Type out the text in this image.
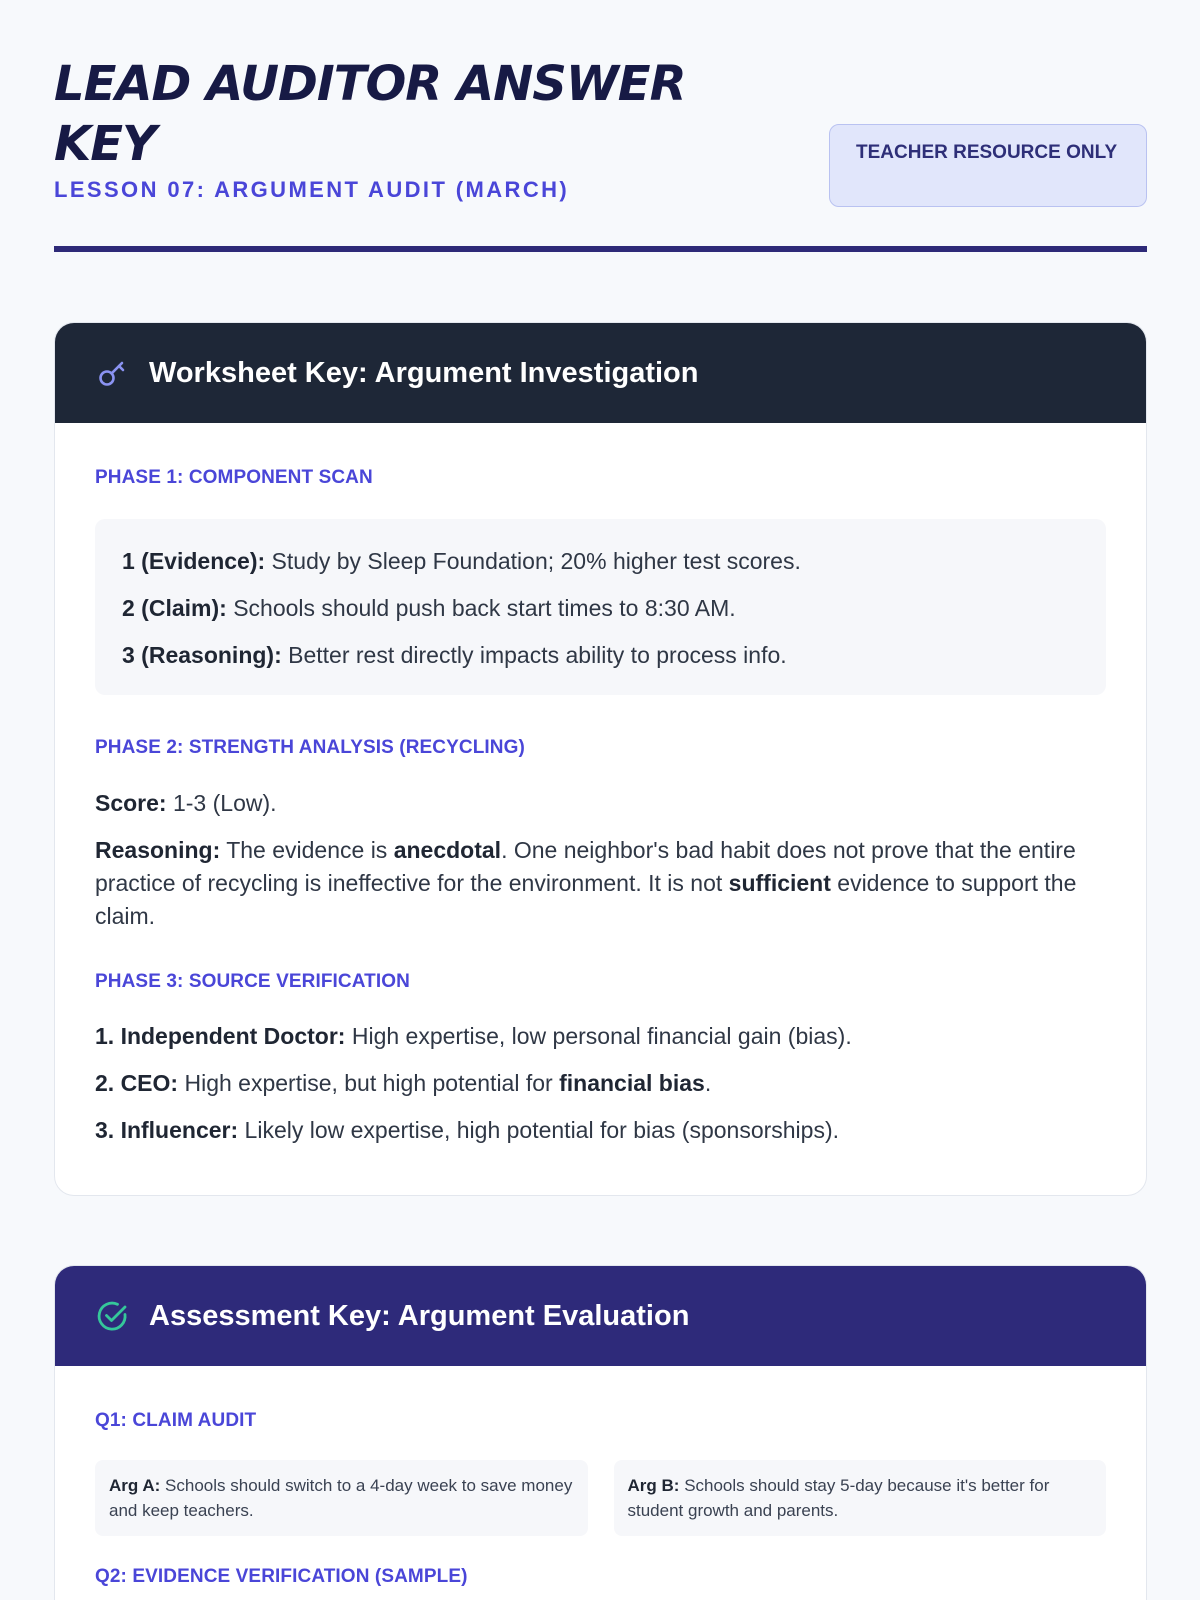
LEAD AUDITOR ANSWER KEY
LESSON 07: ARGUMENT AUDIT (MARCH)
TEACHER RESOURCE ONLY
Worksheet Key: Argument Investigation
PHASE 1: COMPONENT SCAN
1 (Evidence): Study by Sleep Foundation; 20% higher test scores.
2 (Claim): Schools should push back start times to 8:30 AM.
3 (Reasoning): Better rest directly impacts ability to process info.
PHASE 2: STRENGTH ANALYSIS (RECYCLING)
Score: 1-3 (Low).
Reasoning: The evidence is anecdotal. One neighbor's bad habit does not prove that the entire practice of recycling is ineffective for the environment. It is not sufficient evidence to support the claim.
PHASE 3: SOURCE VERIFICATION
1. Independent Doctor: High expertise, low personal financial gain (bias).
2. CEO: High expertise, but high potential for financial bias.
3. Influencer: Likely low expertise, high potential for bias (sponsorships).
Assessment Key: Argument Evaluation
Q1: CLAIM AUDIT
Arg A: Schools should switch to a 4-day week to save money and keep teachers.
Arg B: Schools should stay 5-day because it's better for student growth and parents.
Q2: EVIDENCE VERIFICATION (SAMPLE)
